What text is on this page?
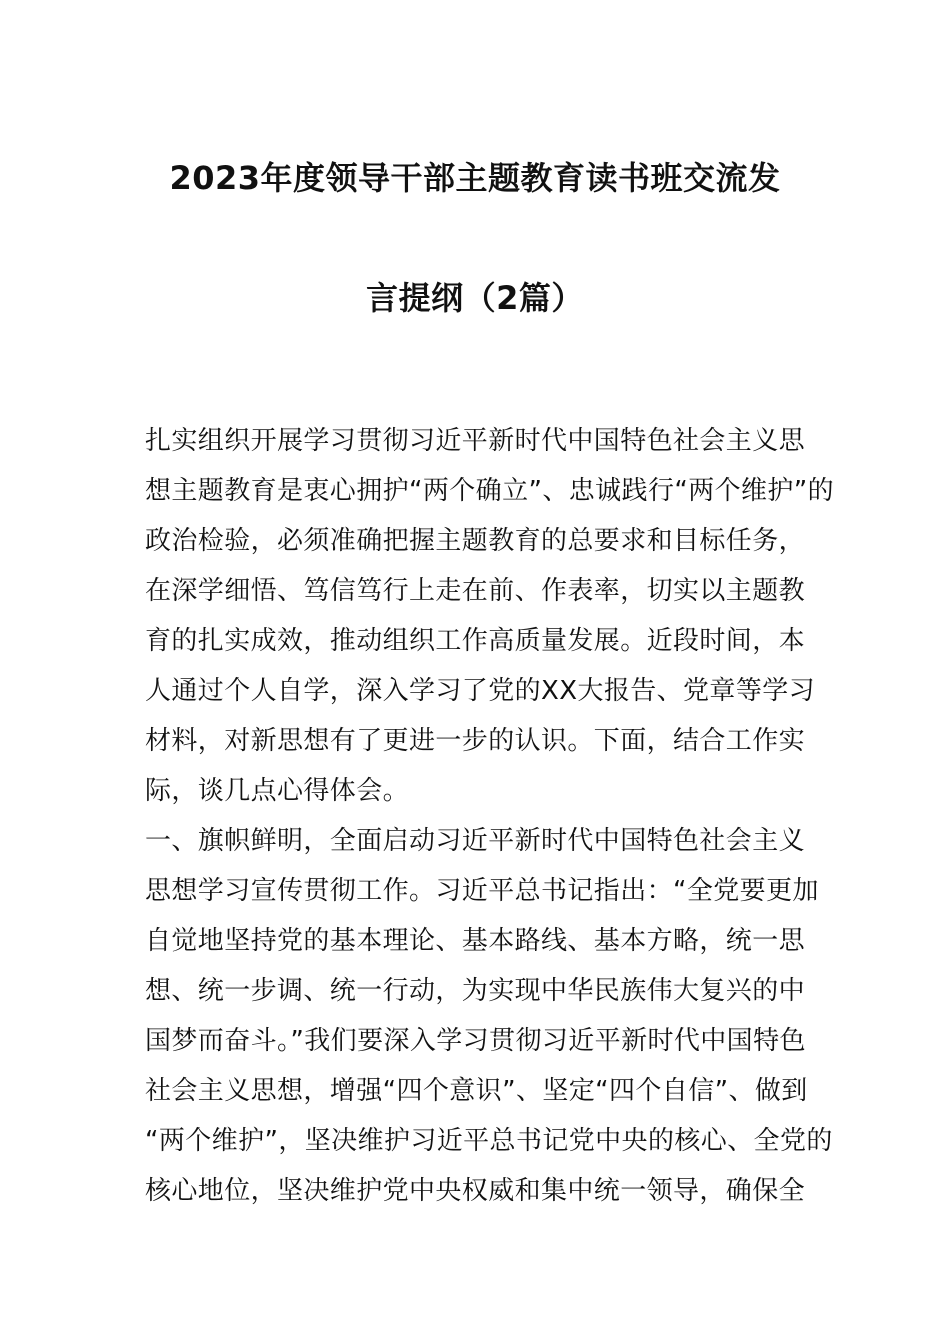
2023年度领导干部主题教育读书班交流发
言提纲（2篇）
扎实组织开展学习贯彻习近平新时代中国特色社会主义思
想主题教育是衷心拥护“两个确立”、忠诚践行“两个维护”的
政治检验，必须准确把握主题教育的总要求和目标任务，
在深学细悟、笃信笃行上走在前、作表率，切实以主题教
育的扎实成效，推动组织工作高质量发展。近段时间，本
人通过个人自学，深入学习了党的XX大报告、党章等学习
材料，对新思想有了更进一步的认识。下面，结合工作实
际，谈几点心得体会。
一、旗帜鲜明，全面启动习近平新时代中国特色社会主义
思想学习宣传贯彻工作。习近平总书记指出：“全党要更加
自觉地坚持党的基本理论、基本路线、基本方略，统一思
想、统一步调、统一行动，为实现中华民族伟大复兴的中
国梦而奋斗。”我们要深入学习贯彻习近平新时代中国特色
社会主义思想，增强“四个意识”、坚定“四个自信”、做到
“两个维护”，坚决维护习近平总书记党中央的核心、全党的
核心地位，坚决维护党中央权威和集中统一领导，确保全
